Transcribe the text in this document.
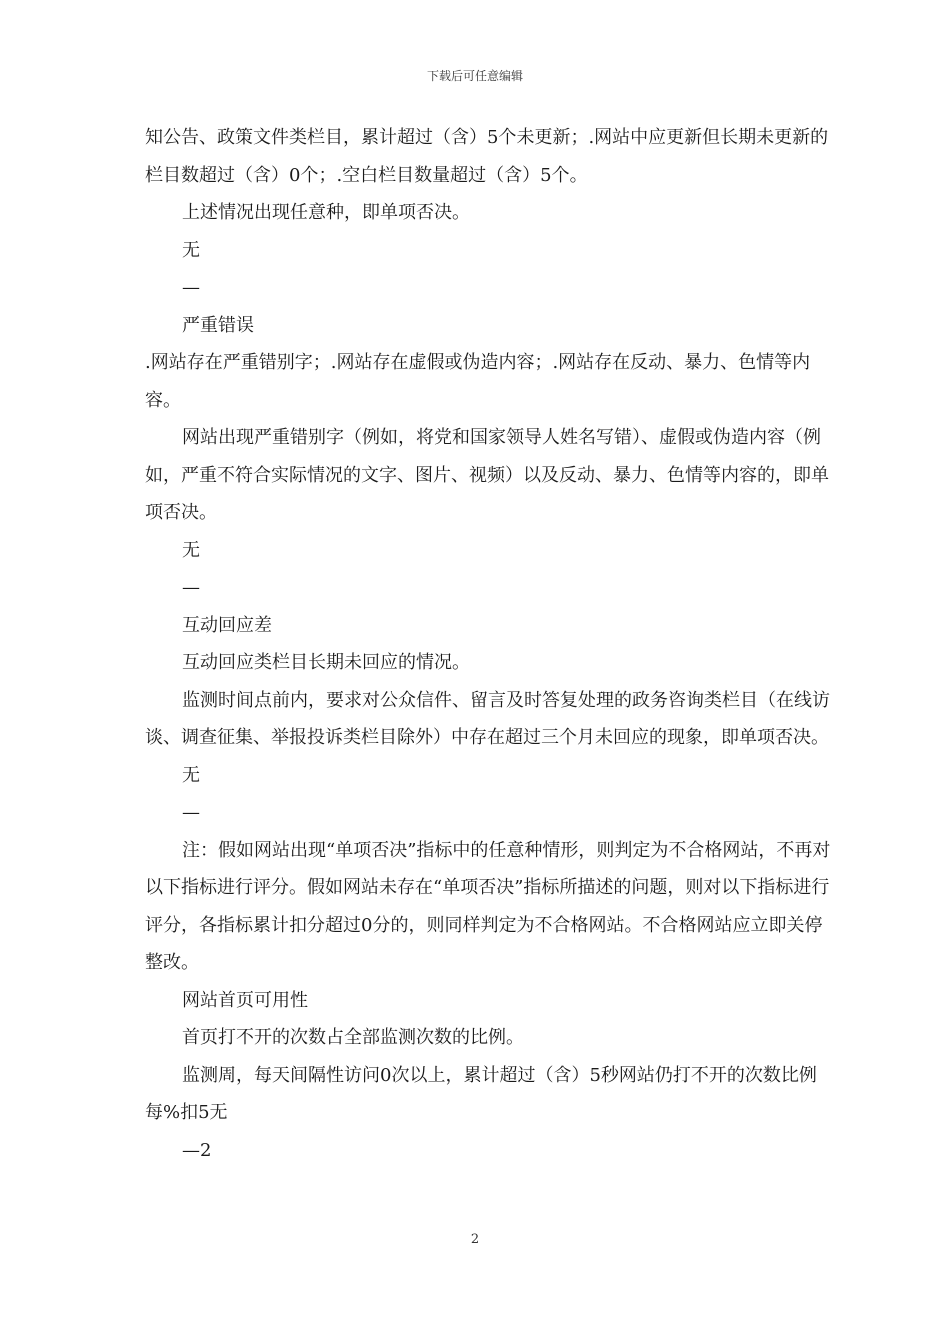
下载后可任意编辑

知公告、政策文件类栏目，累计超过（含）5个未更新；.网站中应更新但长期未更新的栏目数超过（含）0个；.空白栏目数量超过（含）5个。

上述情况出现任意种，即单项否决。

无

—

严重错误

.网站存在严重错别字；.网站存在虚假或伪造内容；.网站存在反动、暴力、色情等内容。

网站出现严重错别字（例如，将党和国家领导人姓名写错）、虚假或伪造内容（例如，严重不符合实际情况的文字、图片、视频）以及反动、暴力、色情等内容的，即单项否决。

无

—

互动回应差

互动回应类栏目长期未回应的情况。

监测时间点前内，要求对公众信件、留言及时答复处理的政务咨询类栏目（在线访谈、调查征集、举报投诉类栏目除外）中存在超过三个月未回应的现象，即单项否决。

无

—

注：假如网站出现“单项否决”指标中的任意种情形，则判定为不合格网站，不再对以下指标进行评分。假如网站未存在“单项否决”指标所描述的问题，则对以下指标进行评分，各指标累计扣分超过0分的，则同样判定为不合格网站。不合格网站应立即关停整改。

网站首页可用性

首页打不开的次数占全部监测次数的比例。

监测周，每天间隔性访问0次以上，累计超过（含）5秒网站仍打不开的次数比例每%扣5无

—2

2
